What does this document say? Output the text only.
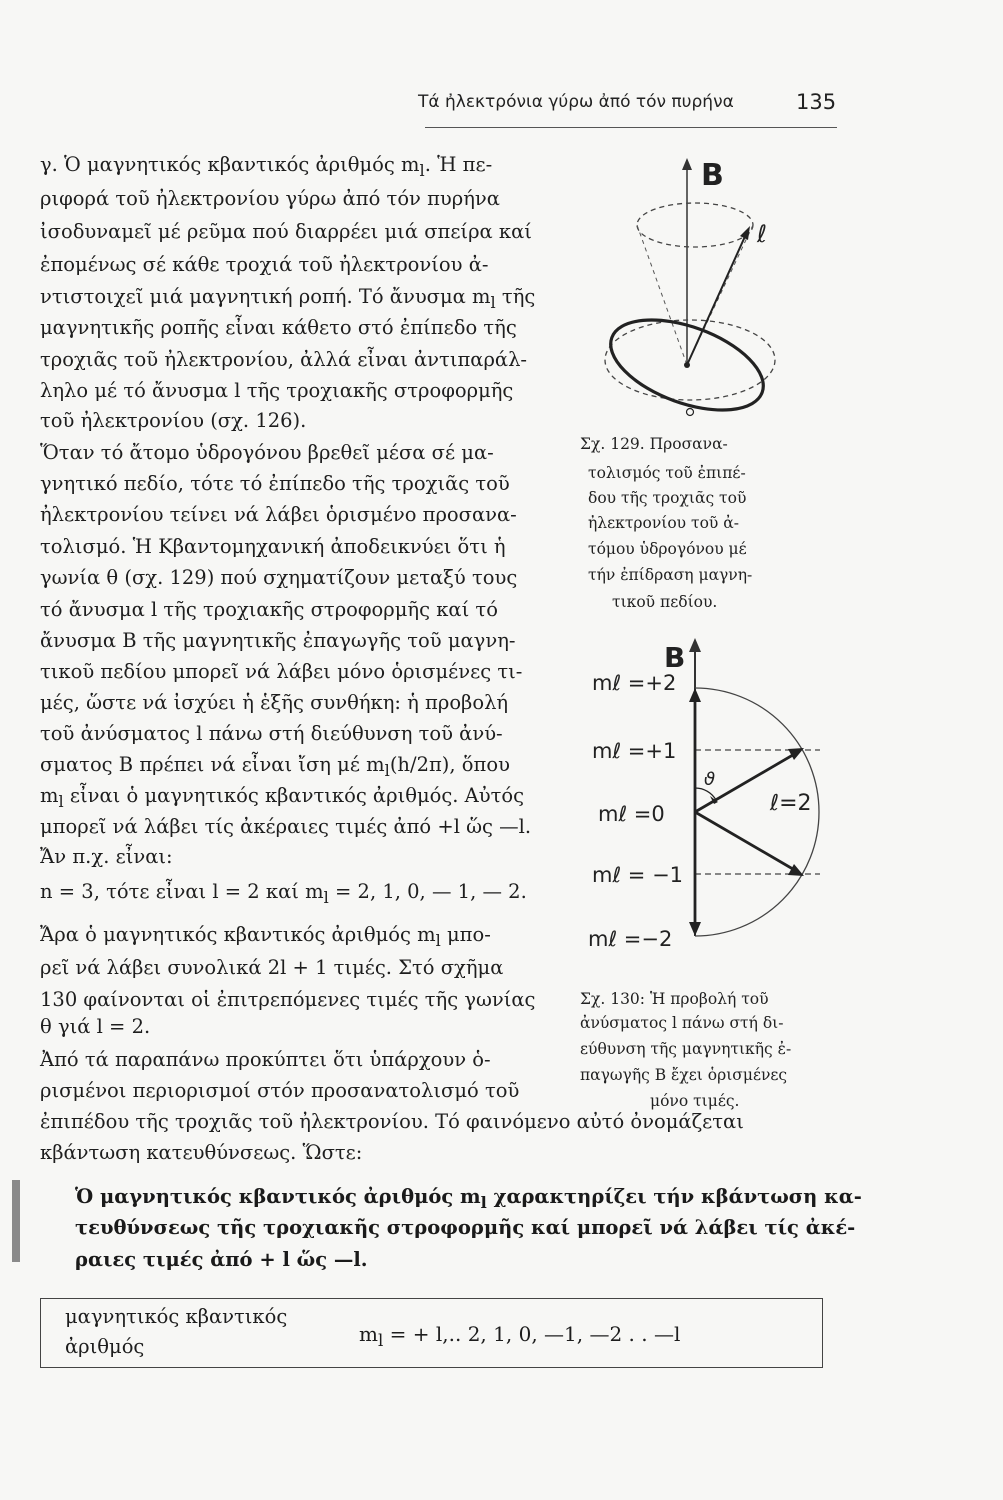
Τά ἠλεκτρόνια γύρω ἀπό τόν πυρήνα	135
γ. Ὁ μαγνητικός κβαντικός ἀριθμός $m_l$. Ἡ πε-
ριφορά τοῦ ἠλεκτρονίου γύρω ἀπό τόν πυρήνα
ἰσοδυναμεῖ μέ ρεῦμα πού διαρρέει μιά σπείρα καί
ἐπομένως σέ κάθε τροχιά τοῦ ἠλεκτρονίου ἀ-
ντιστοιχεῖ μιά μαγνητική ροπή. Τό ἄνυσμα $m_l$ τῆς
μαγνητικῆς ροπῆς εἶναι κάθετο στό ἐπίπεδο τῆς
τροχιᾶς τοῦ ἠλεκτρονίου, ἀλλά εἶναι ἀντιπαράλ-
ληλο μέ τό ἄνυσμα l τῆς τροχιακῆς στροφορμῆς
τοῦ ἠλεκτρονίου (σχ. 126).
Ὅταν τό ἄτομο ὑδρογόνου βρεθεῖ μέσα σέ μα-
γνητικό πεδίο, τότε τό ἐπίπεδο τῆς τροχιᾶς τοῦ
ἠλεκτρονίου τείνει νά λάβει ὁρισμένο προσανα-
τολισμό. Ἡ Κβαντομηχανική ἀποδεικνύει ὅτι ἡ
γωνία θ (σχ. 129) πού σχηματίζουν μεταξύ τους
τό ἄνυσμα l τῆς τροχιακῆς στροφορμῆς καί τό
ἄνυσμα B τῆς μαγνητικῆς ἐπαγωγῆς τοῦ μαγνη-
τικοῦ πεδίου μπορεῖ νά λάβει μόνο ὁρισμένες τι-
μές, ὥστε νά ἰσχύει ἡ ἑξῆς συνθήκη: ἡ προβολή
τοῦ ἀνύσματος l πάνω στή διεύθυνση τοῦ ἀνύ-
σματος B πρέπει νά εἶναι ἴση μέ $m_l(h/2\pi)$, ὅπου
$m_l$ εἶναι ὁ μαγνητικός κβαντικός ἀριθμός. Αὐτός
μπορεῖ νά λάβει τίς ἀκέραιες τιμές ἀπό +l ὥς —l.
Ἄν π.χ. εἶναι:
n = 3, τότε εἶναι l = 2 καί $m_l = 2$, 1, 0, — 1, — 2.
Ἄρα ὁ μαγνητικός κβαντικός ἀριθμός $m_l$ μπο-
ρεῖ νά λάβει συνολικά 2l + 1 τιμές. Στό σχῆμα
130 φαίνονται οἱ ἐπιτρεπόμενες τιμές τῆς γωνίας
θ γιά l = 2.
Ἀπό τά παραπάνω προκύπτει ὅτι ὑπάρχουν ὁ-
ρισμένοι περιορισμοί στόν προσανατολισμό τοῦ
ἐπιπέδου τῆς τροχιᾶς τοῦ ἠλεκτρονίου. Τό φαινόμενο αὐτό ὀνομάζεται
κβάντωση κατευθύνσεως. Ὥστε:
B
ℓ
Σχ. 129. Προσανα-
τολισμός τοῦ ἐπιπέ-
δου τῆς τροχιᾶς τοῦ
ἠλεκτρονίου τοῦ ἀ-
τόμου ὑδρογόνου μέ
τήν ἐπίδραση μαγνη-
τικοῦ πεδίου.
B
ϑ
ℓ=2
mℓ =+2
mℓ =+1
mℓ =0
mℓ = −1
mℓ =−2
Σχ. 130: Ἡ προβολή τοῦ
ἀνύσματος l πάνω στή δι-
εύθυνση τῆς μαγνητικῆς ἐ-
παγωγῆς B ἔχει ὁρισμένες
μόνο τιμές.
Ὁ μαγνητικός κβαντικός ἀριθμός $m_l$ χαρακτηρίζει τήν κβάντωση κα-
τευθύνσεως τῆς τροχιακῆς στροφορμῆς καί μπορεῖ νά λάβει τίς ἀκέ-
ραιες τιμές ἀπό + l ὥς —l.
μαγνητικός κβαντικός
ἀριθμός
$m_l$ = + l,.. 2, 1, 0, —1, —2 . . —l
